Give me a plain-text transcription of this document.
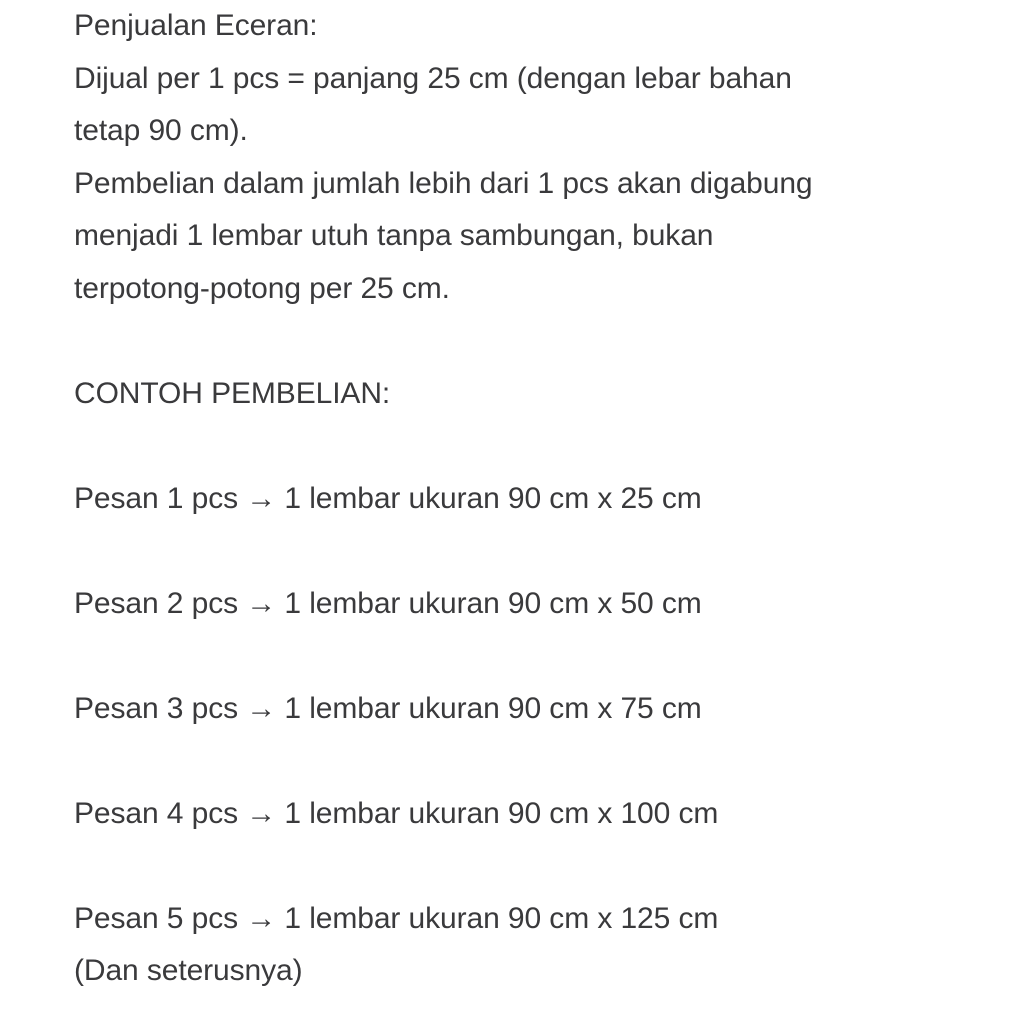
Penjualan Eceran:
Dijual per 1 pcs = panjang 25 cm (dengan lebar bahan
tetap 90 cm).
Pembelian dalam jumlah lebih dari 1 pcs akan digabung
menjadi 1 lembar utuh tanpa sambungan, bukan
terpotong-potong per 25 cm.
CONTOH PEMBELIAN:
Pesan 1 pcs → 1 lembar ukuran 90 cm x 25 cm
Pesan 2 pcs → 1 lembar ukuran 90 cm x 50 cm
Pesan 3 pcs → 1 lembar ukuran 90 cm x 75 cm
Pesan 4 pcs → 1 lembar ukuran 90 cm x 100 cm
Pesan 5 pcs → 1 lembar ukuran 90 cm x 125 cm
(Dan seterusnya)
